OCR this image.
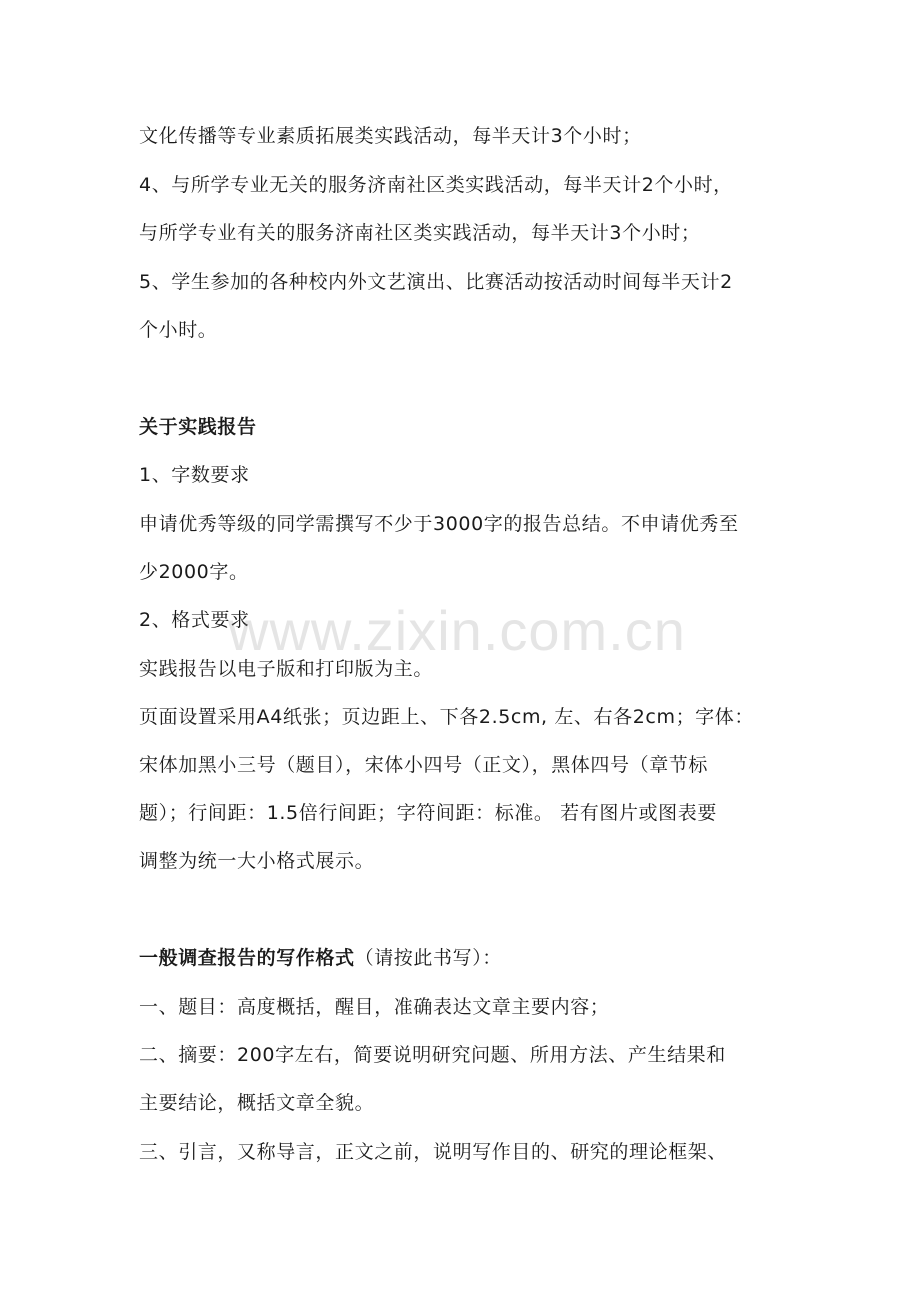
文化传播等专业素质拓展类实践活动，每半天计3个小时；
4、与所学专业无关的服务济南社区类实践活动，每半天计2个小时，
与所学专业有关的服务济南社区类实践活动，每半天计3个小时；
5、学生参加的各种校内外文艺演出、比赛活动按活动时间每半天计2
个小时。
关于实践报告
1、字数要求
申请优秀等级的同学需撰写不少于3000字的报告总结。不申请优秀至
少2000字。
2、格式要求
实践报告以电子版和打印版为主。
页面设置采用A4纸张；页边距上、下各2.5cm, 左、右各2cm；字体：
宋体加黑小三号（题目），宋体小四号（正文），黑体四号（章节标
题）；行间距：1.5倍行间距；字符间距：标准。 若有图片或图表要
调整为统一大小格式展示。
一般调查报告的写作格式（请按此书写）：
一、题目：高度概括，醒目，准确表达文章主要内容；
二、摘要：200字左右，简要说明研究问题、所用方法、产生结果和
主要结论，概括文章全貌。
三、引言，又称导言，正文之前，说明写作目的、研究的理论框架、
www.zixin.com.cn
